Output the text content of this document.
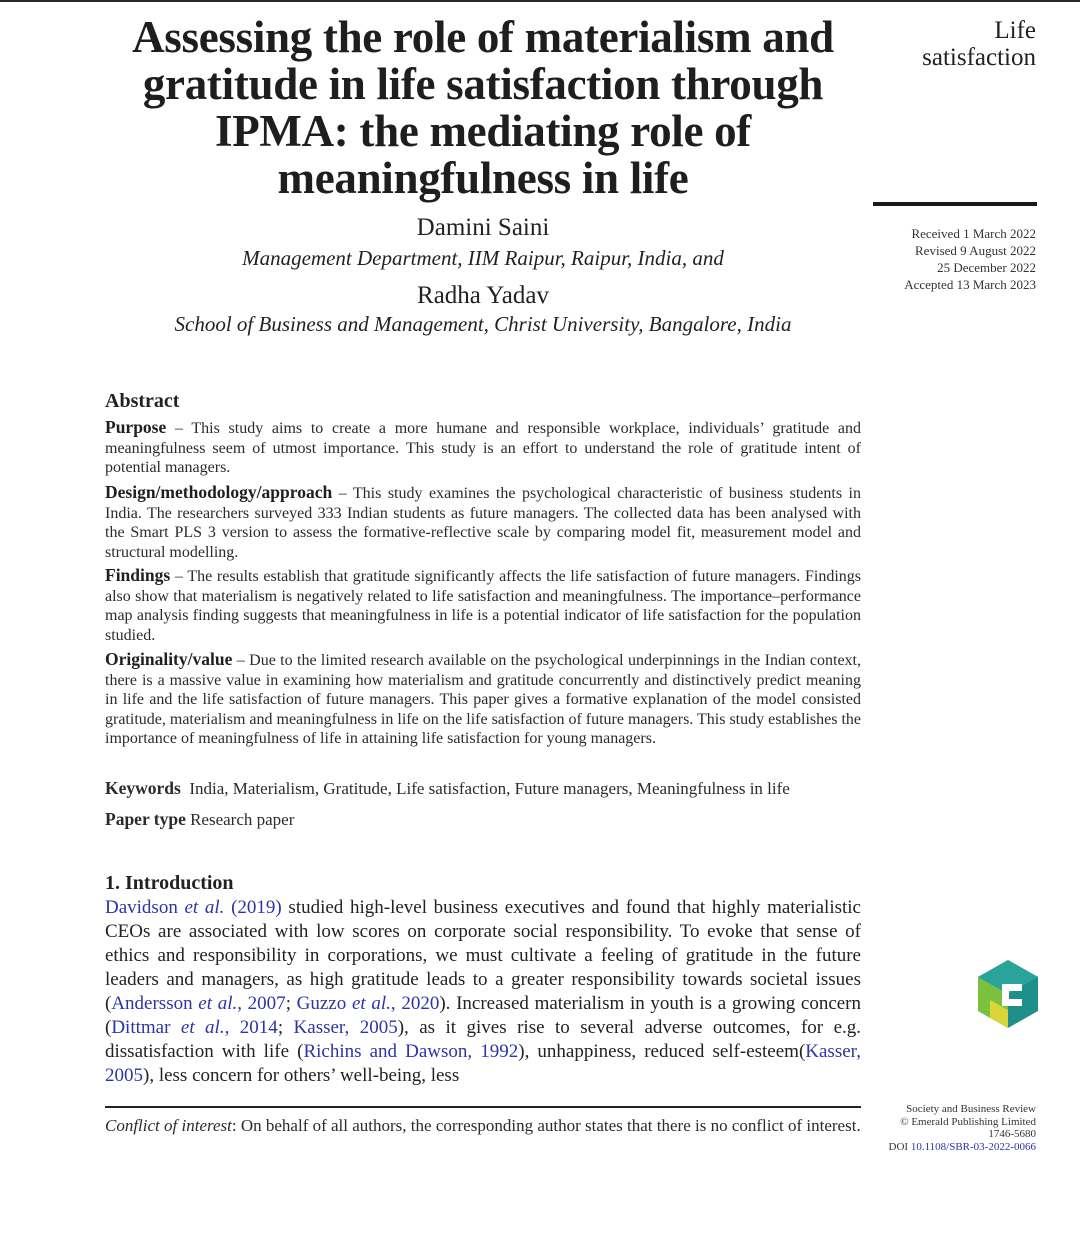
Assessing the role of materialism and gratitude in life satisfaction through IPMA: the mediating role of meaningfulness in life
Damini Saini
Management Department, IIM Raipur, Raipur, India, and
Radha Yadav
School of Business and Management, Christ University, Bangalore, India
Life
satisfaction
Received 1 March 2022
Revised 9 August 2022
25 December 2022
Accepted 13 March 2023
Abstract

Purpose – This study aims to create a more humane and responsible workplace, individuals’ gratitude and meaningfulness seem of utmost importance. This study is an effort to understand the role of gratitude intent of potential managers.

Design/methodology/approach – This study examines the psychological characteristic of business students in India. The researchers surveyed 333 Indian students as future managers. The collected data has been analysed with the Smart PLS 3 version to assess the formative-reflective scale by comparing model fit, measurement model and structural modelling.

Findings – The results establish that gratitude significantly affects the life satisfaction of future managers. Findings also show that materialism is negatively related to life satisfaction and meaningfulness. The importance–performance map analysis finding suggests that meaningfulness in life is a potential indicator of life satisfaction for the population studied.

Originality/value – Due to the limited research available on the psychological underpinnings in the Indian context, there is a massive value in examining how materialism and gratitude concurrently and distinctively predict meaning in life and the life satisfaction of future managers. This paper gives a formative explanation of the model consisted gratitude, materialism and meaningfulness in life on the life satisfaction of future managers. This study establishes the importance of meaningfulness of life in attaining life satisfaction for young managers.

Keywords India, Materialism, Gratitude, Life satisfaction, Future managers, Meaningfulness in life
Paper type Research paper
1. Introduction

Davidson et al. (2019) studied high-level business executives and found that highly materialistic CEOs are associated with low scores on corporate social responsibility. To evoke that sense of ethics and responsibility in corporations, we must cultivate a feeling of gratitude in the future leaders and managers, as high gratitude leads to a greater responsibility towards societal issues (Andersson et al., 2007; Guzzo et al., 2020). Increased materialism in youth is a growing concern (Dittmar et al., 2014; Kasser, 2005), as it gives rise to several adverse outcomes, for e.g. dissatisfaction with life (Richins and Dawson, 1992), unhappiness, reduced self-esteem(Kasser, 2005), less concern for others’ well-being, less

Conflict of interest: On behalf of all authors, the corresponding author states that there is no conflict of interest.

Society and Business Review
© Emerald Publishing Limited
1746-5680
DOI 10.1108/SBR-03-2022-0066
